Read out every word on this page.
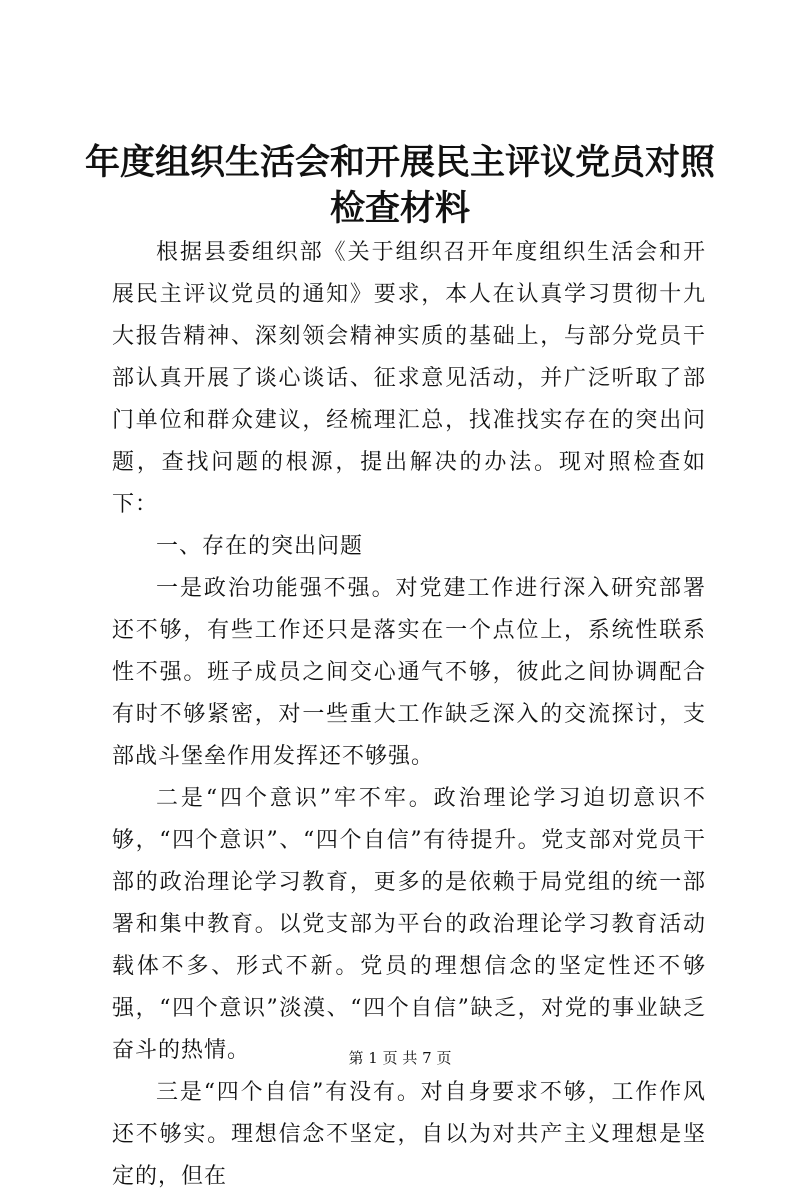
年度组织生活会和开展民主评议党员对照检查材料

根据县委组织部《关于组织召开年度组织生活会和开展民主评议党员的通知》要求，本人在认真学习贯彻十九大报告精神、深刻领会精神实质的基础上，与部分党员干部认真开展了谈心谈话、征求意见活动，并广泛听取了部门单位和群众建议，经梳理汇总，找准找实存在的突出问题，查找问题的根源，提出解决的办法。现对照检查如下：

一、存在的突出问题

一是政治功能强不强。对党建工作进行深入研究部署还不够，有些工作还只是落实在一个点位上，系统性联系性不强。班子成员之间交心通气不够，彼此之间协调配合有时不够紧密，对一些重大工作缺乏深入的交流探讨，支部战斗堡垒作用发挥还不够强。

二是“四个意识”牢不牢。政治理论学习迫切意识不够，“四个意识”、“四个自信”有待提升。党支部对党员干部的政治理论学习教育，更多的是依赖于局党组的统一部署和集中教育。以党支部为平台的政治理论学习教育活动载体不多、形式不新。党员的理想信念的坚定性还不够强，“四个意识”淡漠、“四个自信”缺乏，对党的事业缺乏奋斗的热情。

三是“四个自信”有没有。对自身要求不够，工作作风还不够实。理想信念不坚定，自以为对共产主义理想是坚定的，但在

第 1 页 共 7 页
